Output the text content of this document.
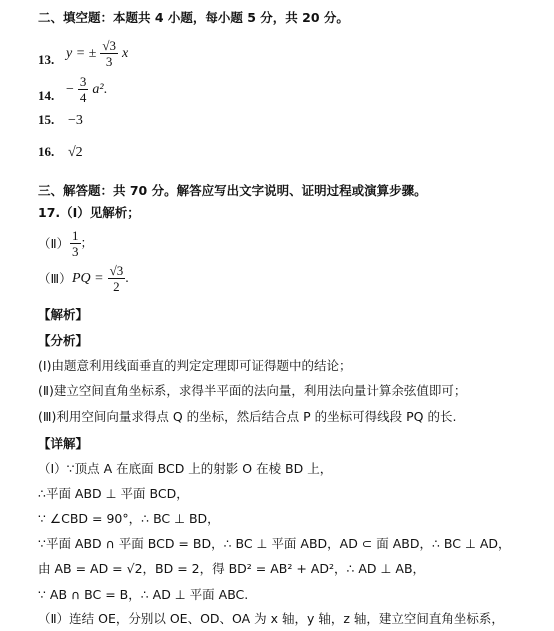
二、填空题：本题共 4 小题，每小题 5 分，共 20 分。
13. y = ± $\frac{√3}{3}$ x
14. − $\frac{3}{4} a^2$.
15. −3
16. √2
三、解答题：共 70 分。解答应写出文字说明、证明过程或演算步骤。
17.（Ⅰ）见解析；
（Ⅱ） $\frac{1}{3}$ ；
（Ⅲ） PQ = $\frac{√3}{2}$ .
【解析】
【分析】
(Ⅰ)由题意利用线面垂直的判定定理即可证得题中的结论；
(Ⅱ)建立空间直角坐标系，求得半平面的法向量，利用法向量计算余弦值即可；
(Ⅲ)利用空间向量求得点 Q 的坐标，然后结合点 P 的坐标可得线段 PQ 的长.
【详解】
（Ⅰ）∵顶点 A 在底面 BCD 上的射影 O 在棱 BD 上，
∴平面 ABD ⊥ 平面 BCD，
∵ ∠CBD = 90°，∴ BC ⊥ BD，
∵平面 ABD ∩ 平面 BCD = BD，∴ BC ⊥ 平面 ABD，AD ⊂ 面 ABD，∴ BC ⊥ AD，
由 AB = AD = √2，BD = 2，得 BD² = AB² + AD²，∴ AD ⊥ AB，
∵ AB ∩ BC = B，∴ AD ⊥ 平面 ABC.
（Ⅱ）连结 OE，分别以 OE、OD、OA 为 x 轴，y 轴，z 轴，建立空间直角坐标系，
